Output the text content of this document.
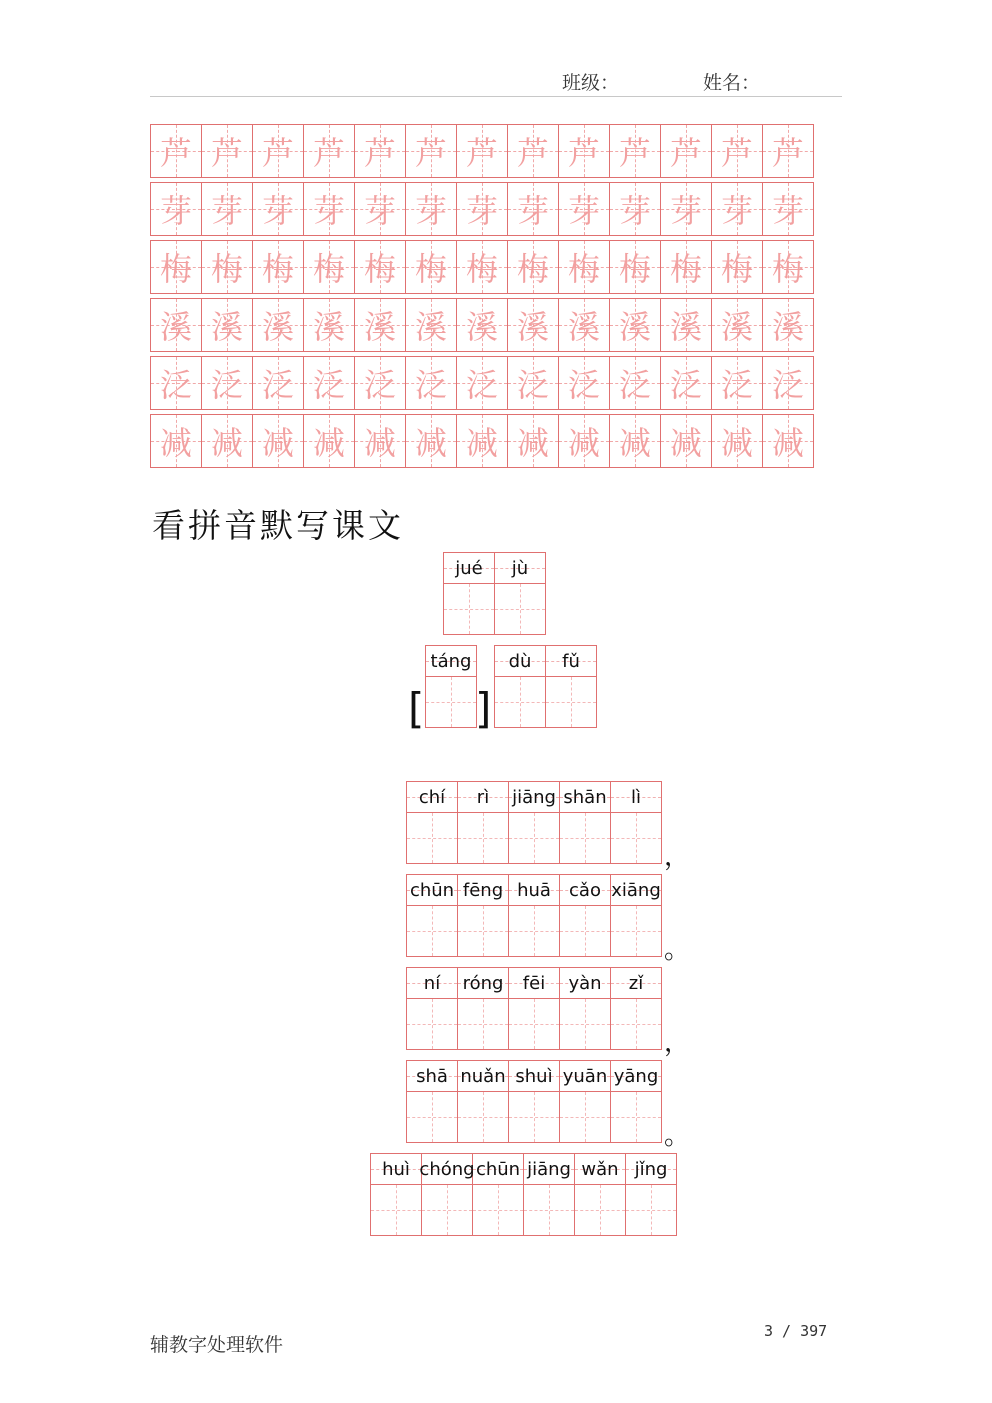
班级：	姓名：
芦 芦 芦 芦 芦 芦 芦 芦 芦 芦 芦 芦 芦
芽 芽 芽 芽 芽 芽 芽 芽 芽 芽 芽 芽 芽
梅 梅 梅 梅 梅 梅 梅 梅 梅 梅 梅 梅 梅
溪 溪 溪 溪 溪 溪 溪 溪 溪 溪 溪 溪 溪
泛 泛 泛 泛 泛 泛 泛 泛 泛 泛 泛 泛 泛
减 减 减 减 减 减 减 减 减 减 减 减 减
看拼音默写课文
jué jù
[
táng
]
dù fǔ
chí rì jiāng shān lì
，
chūn fēng huā cǎo xiāng
。
ní róng fēi yàn zǐ
，
shā nuǎn shuì yuān yāng
。
huì chóng chūn jiāng wǎn jǐng
辅教字处理软件
3 / 397
